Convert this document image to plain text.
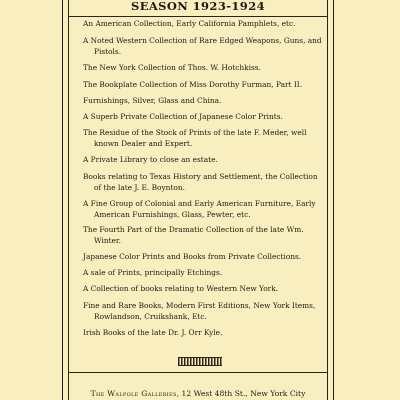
SEASON 1923-1924
An American Collection, Early California Pamphlets, etc.
A Noted Western Collection of Rare Edged Weapons, Guns, and Pistols.
The New York Collection of Thos. W. Hotchkiss.
The Bookplate Collection of Miss Dorothy Furman, Part II.
Furnishings, Silver, Glass and China.
A Superb Private Collection of Japanese Color Prints.
The Residue of the Stock of Prints of the late F. Meder, well known Dealer and Expert.
A Private Library to close an estate.
Books relating to Texas History and Settlement, the Collection of the late J. E. Boynton.
A Fine Group of Colonial and Early American Furniture, Early American Furnishings, Glass, Pewter, etc.
The Fourth Part of the Dramatic Collection of the late Wm. Winter.
Japanese Color Prints and Books from Private Collections.
A sale of Prints, principally Etchings.
A Collection of books relating to Western New York.
Fine and Rare Books, Modern First Editions, New York Items, Rowlandson, Cruikshank, Etc.
Irish Books of the late Dr. J. Orr Kyle.
The Walpole Galleries, 12 West 48th St., New York City
